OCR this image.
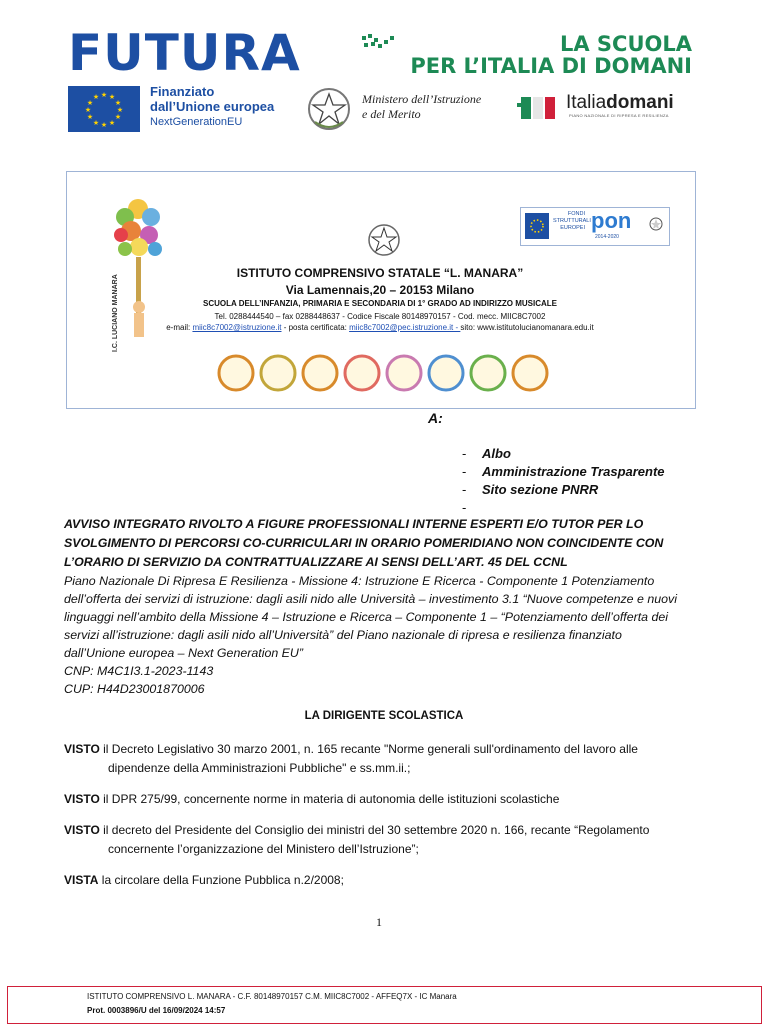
FUTURA	LA SCUOLA
PER L’ITALIA DI DOMANI
★ ★
★
★
★
★
★
★
★
★
★
★	Finanziato
dall’Unione europea
NextGenerationEU
Ministero dell’Istruzione
e del Merito
Italiadomani
PIANO NAZIONALE DI RIPRESA E RESILIENZA
I.C. LUCIANO MANARA
FONDI
STRUTTURALI
EUROPEI pon
2014-2020
ISTITUTO COMPRENSIVO STATALE “L. MANARA”
Via Lamennais,20 – 20153 Milano
SCUOLA DELL’INFANZIA, PRIMARIA E SECONDARIA DI 1° GRADO AD INDIRIZZO MUSICALE
Tel. 0288444540 – fax 0288448637 - Codice Fiscale 80148970157 - Cod. mecc. MIIC8C7002
e-mail: miic8c7002@istruzione.it - posta certificata: miic8c7002@pec.istruzione.it - sito: www.istitutolucianomanara.edu.it
A:
- Albo
- Amministrazione Trasparente
- Sito sezione PNRR
-
AVVISO INTEGRATO RIVOLTO A FIGURE PROFESSIONALI INTERNE ESPERTI E/O TUTOR PER LO SVOLGIMENTO DI PERCORSI CO-CURRICULARI IN ORARIO POMERIDIANO NON COINCIDENTE CON L’ORARIO DI SERVIZIO DA CONTRATTUALIZZARE AI SENSI DELL’ART. 45 DEL CCNL
Piano Nazionale Di Ripresa E Resilienza - Missione 4: Istruzione E Ricerca - Componente 1 Potenziamento dell’offerta dei servizi di istruzione: dagli asili nido alle Università – investimento 3.1 “Nuove competenze e nuovi linguaggi nell’ambito della Missione 4 – Istruzione e Ricerca – Componente 1 – “Potenziamento dell’offerta dei servizi all’istruzione: dagli asili nido all’Università” del Piano nazionale di ripresa e resilienza finanziato dall’Unione europea – Next Generation EU”
CNP: M4C1I3.1-2023-1143
CUP: H44D23001870006
LA DIRIGENTE SCOLASTICA
VISTO il Decreto Legislativo 30 marzo 2001, n. 165 recante "Norme generali sull'ordinamento del lavoro alle
dipendenze della Amministrazioni Pubbliche" e ss.mm.ii.;
VISTO il DPR 275/99, concernente norme in materia di autonomia delle istituzioni scolastiche
VISTO il decreto del Presidente del Consiglio dei ministri del 30 settembre 2020 n. 166, recante “Regolamento
concernente l’organizzazione del Ministero dell’Istruzione”;
VISTA la circolare della Funzione Pubblica n.2/2008;
1
ISTITUTO COMPRENSIVO L. MANARA - C.F. 80148970157 C.M. MIIC8C7002 - AFFEQ7X - IC Manara
Prot. 0003896/U del 16/09/2024 14:57
